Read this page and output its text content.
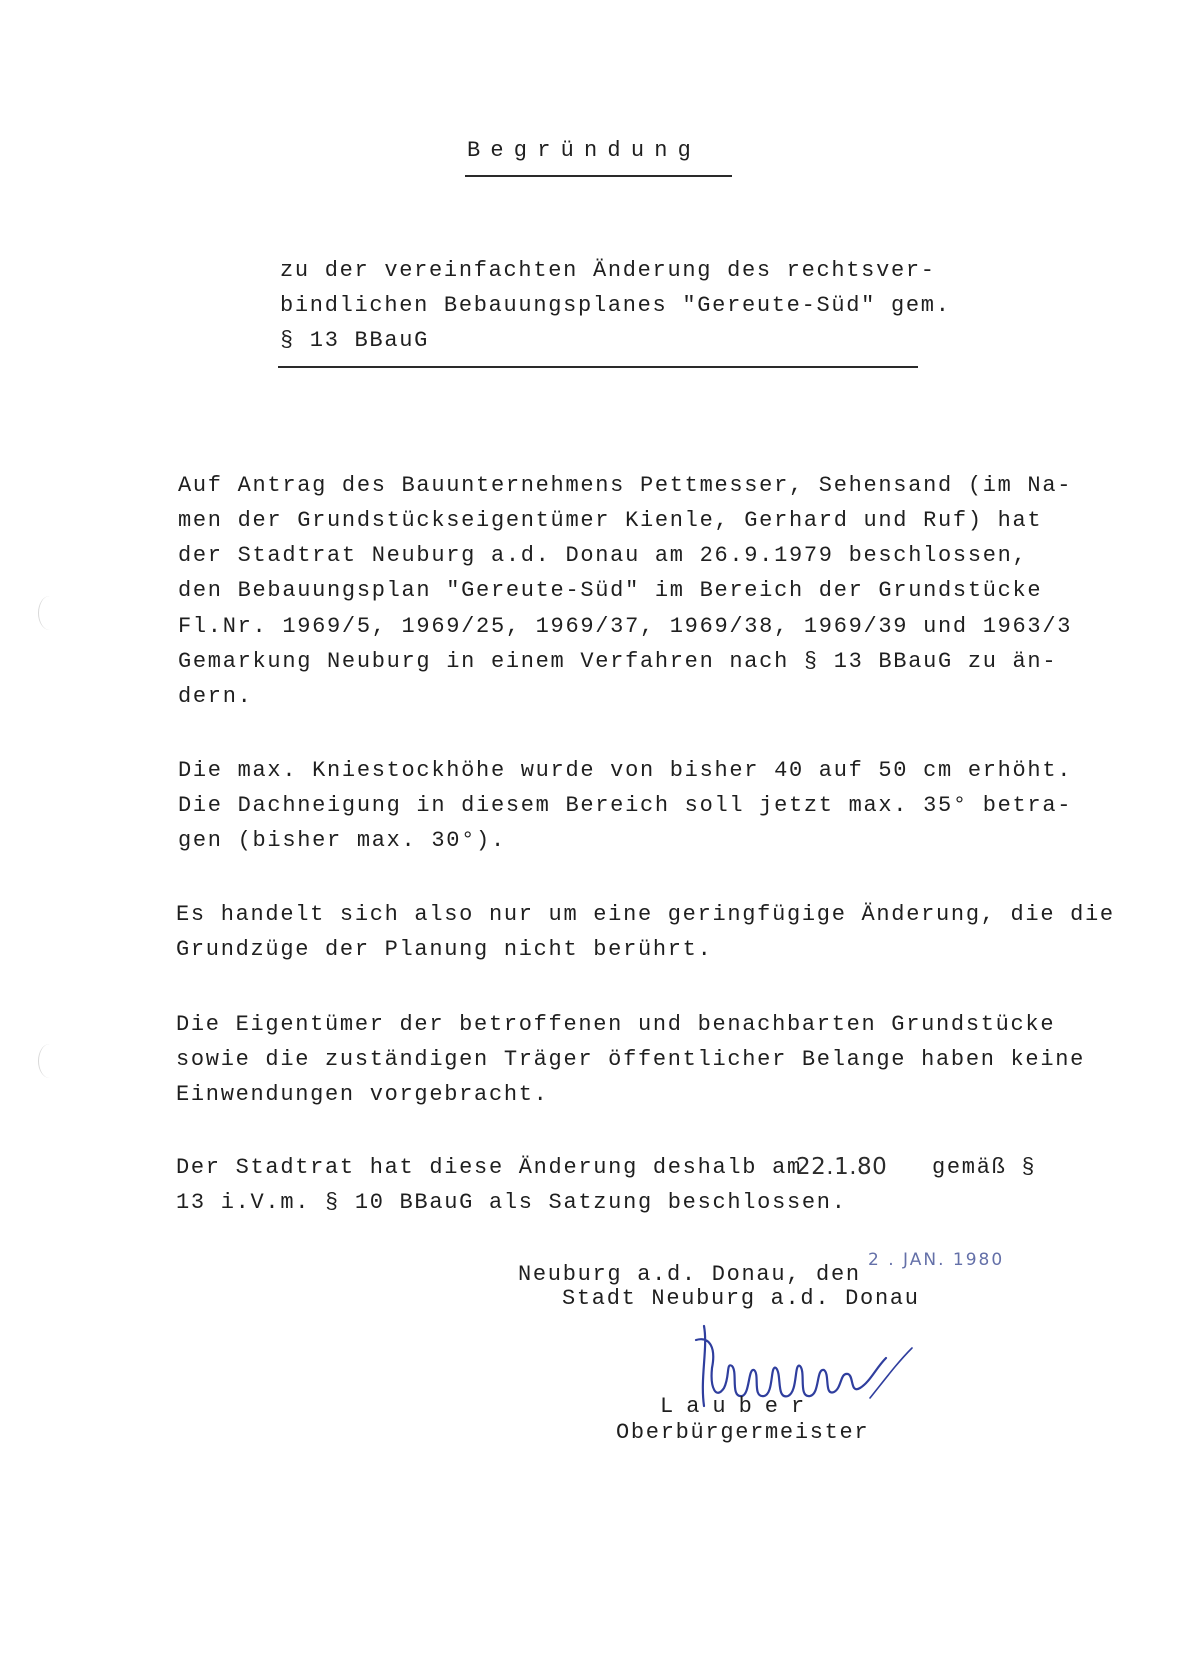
Begründung
zu der vereinfachten Änderung des rechtsver-
bindlichen Bebauungsplanes "Gereute-Süd" gem.
§ 13 BBauG
Auf Antrag des Bauunternehmens Pettmesser, Sehensand (im Na-
men der Grundstückseigentümer Kienle, Gerhard und Ruf) hat
der Stadtrat Neuburg a.d. Donau am 26.9.1979 beschlossen,
den Bebauungsplan "Gereute-Süd" im Bereich der Grundstücke
Fl.Nr. 1969/5, 1969/25, 1969/37, 1969/38, 1969/39 und 1963/3
Gemarkung Neuburg in einem Verfahren nach § 13 BBauG zu än-
dern.
Die max. Kniestockhöhe wurde von bisher 40 auf 50 cm erhöht.
Die Dachneigung in diesem Bereich soll jetzt max. 35° betra-
gen (bisher max. 30°).
Es handelt sich also nur um eine geringfügige Änderung, die die
Grundzüge der Planung nicht berührt.
Die Eigentümer der betroffenen und benachbarten Grundstücke
sowie die zuständigen Träger öffentlicher Belange haben keine
Einwendungen vorgebracht.
Der Stadtrat hat diese Änderung deshalb am
22.1.80 gemäß §
13 i.V.m. § 10 BBauG als Satzung beschlossen.
Neuburg a.d. Donau, den
2 . JAN. 1980
Stadt Neuburg a.d. Donau
Lauber
Oberbürgermeister
